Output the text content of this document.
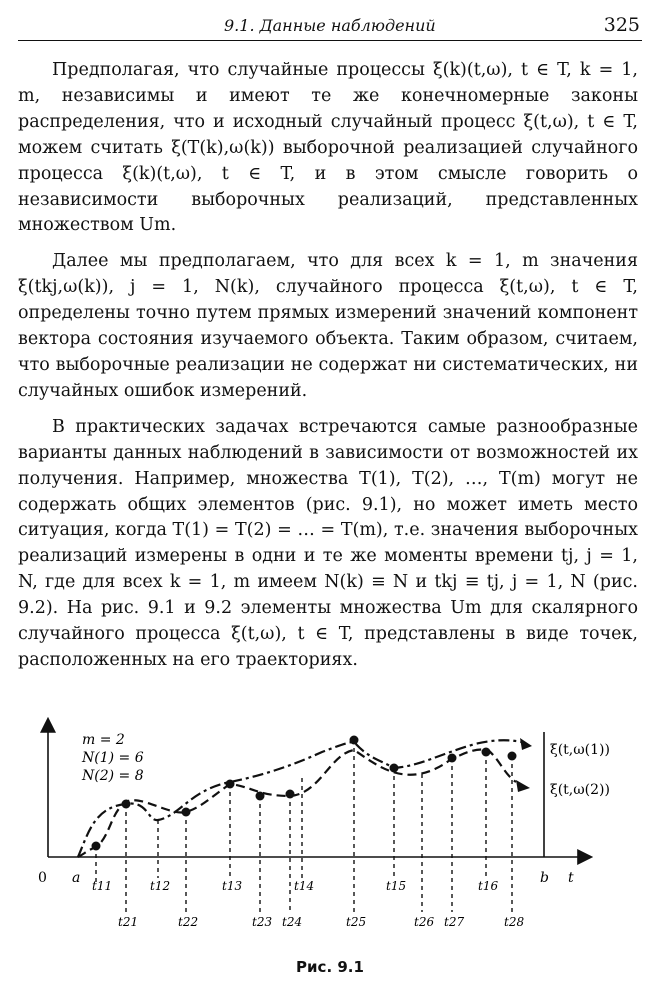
9.1. Данные наблюдений	325

Предполагая, что случайные процессы ξ(k)(t,ω), t ∈ T, k = 1, m, независимы и имеют те же конечномерные законы распределения, что и исходный случайный процесс ξ(t,ω), t ∈ T, можем считать ξ(T(k),ω(k)) выборочной реализацией случайного процесса ξ(k)(t,ω), t ∈ T, и в этом смысле говорить о независимости выборочных реализаций, представленных множеством Um.

Далее мы предполагаем, что для всех k = 1, m значения ξ(tkj,ω(k)), j = 1, N(k), случайного процесса ξ(t,ω), t ∈ T, определены точно путем прямых измерений значений компонент вектора состояния изучаемого объекта. Таким образом, считаем, что выборочные реализации не содержат ни систематических, ни случайных ошибок измерений.

В практических задачах встречаются самые разнообразные варианты данных наблюдений в зависимости от возможностей их получения. Например, множества T(1), T(2), …, T(m) могут не содержать общих элементов (рис. 9.1), но может иметь место ситуация, когда T(1) = T(2) = … = T(m), т.е. значения выборочных реализаций измерены в одни и те же моменты времени tj, j = 1, N, где для всех k = 1, m имеем N(k) ≡ N и tkj ≡ tj, j = 1, N (рис. 9.2). На рис. 9.1 и 9.2 элементы множества Um для скалярного случайного процесса ξ(t,ω), t ∈ T, представлены в виде точек, расположенных на его траекториях.

m = 2
N(1) = 6
N(2) = 8
0 a	b t
t11	t12	t13	t14	t15	t16
t21	t22	t23 t24	t25	t26 t27	t28
ξ(t,ω(1))
ξ(t,ω(2))
Рис. 9.1
